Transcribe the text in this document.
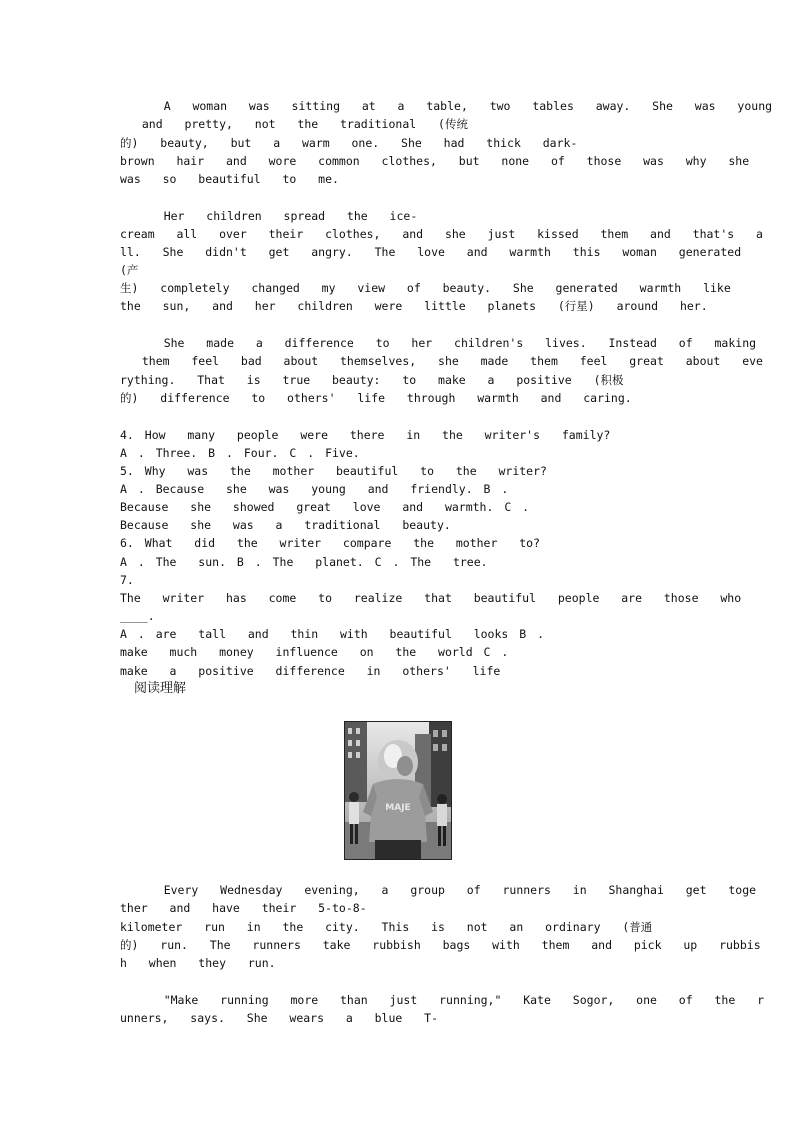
A  woman  was  sitting  at  a  table,  two  tables  away.  She  was  young
and  pretty,  not  the  traditional  (传统
的)  beauty,  but  a  warm  one.  She  had  thick  dark-
brown  hair  and  wore  common  clothes,  but  none  of  those  was  why  she
was  so  beautiful  to  me.
Her  children  spread  the  ice-
cream  all  over  their  clothes,  and  she  just  kissed  them  and  that's  a
ll.  She  didn't  get  angry.  The  love  and  warmth  this  woman  generated
(产
生)  completely  changed  my  view  of  beauty.  She  generated  warmth  like
the  sun,  and  her  children  were  little  planets  (行星)  around  her.
She  made  a  difference  to  her  children's  lives.  Instead  of  making
them  feel  bad  about  themselves,  she  made  them  feel  great  about  eve
rything.  That  is  true  beauty:  to  make  a  positive  (积极
的)  difference  to  others'  life  through  warmth  and  caring.
4. How  many  people  were  there  in  the  writer's  family?
A . Three. B . Four. C . Five.
5. Why  was  the  mother  beautiful  to  the  writer?
A . Because  she  was  young  and  friendly. B .
Because  she  showed  great  love  and  warmth. C .
Because  she  was  a  traditional  beauty.
6. What  did  the  writer  compare  the  mother  to?
A . The  sun. B . The  planet. C . The  tree.
7.
The  writer  has  come  to  realize  that  beautiful  people  are  those  who
____.
A . are  tall  and  thin  with  beautiful  looks B .
make  much  money  influence  on  the  world C .
make  a  positive  difference  in  others'  life
阅读理解
MAJE
Every  Wednesday  evening,  a  group  of  runners  in  Shanghai  get  toge
ther  and  have  their  5-to-8-
kilometer  run  in  the  city.  This  is  not  an  ordinary  (普通
的)  run.  The  runners  take  rubbish  bags  with  them  and  pick  up  rubbis
h  when  they  run.
"Make  running  more  than  just  running,"  Kate  Sogor,  one  of  the  r
unners,  says.  She  wears  a  blue  T-
